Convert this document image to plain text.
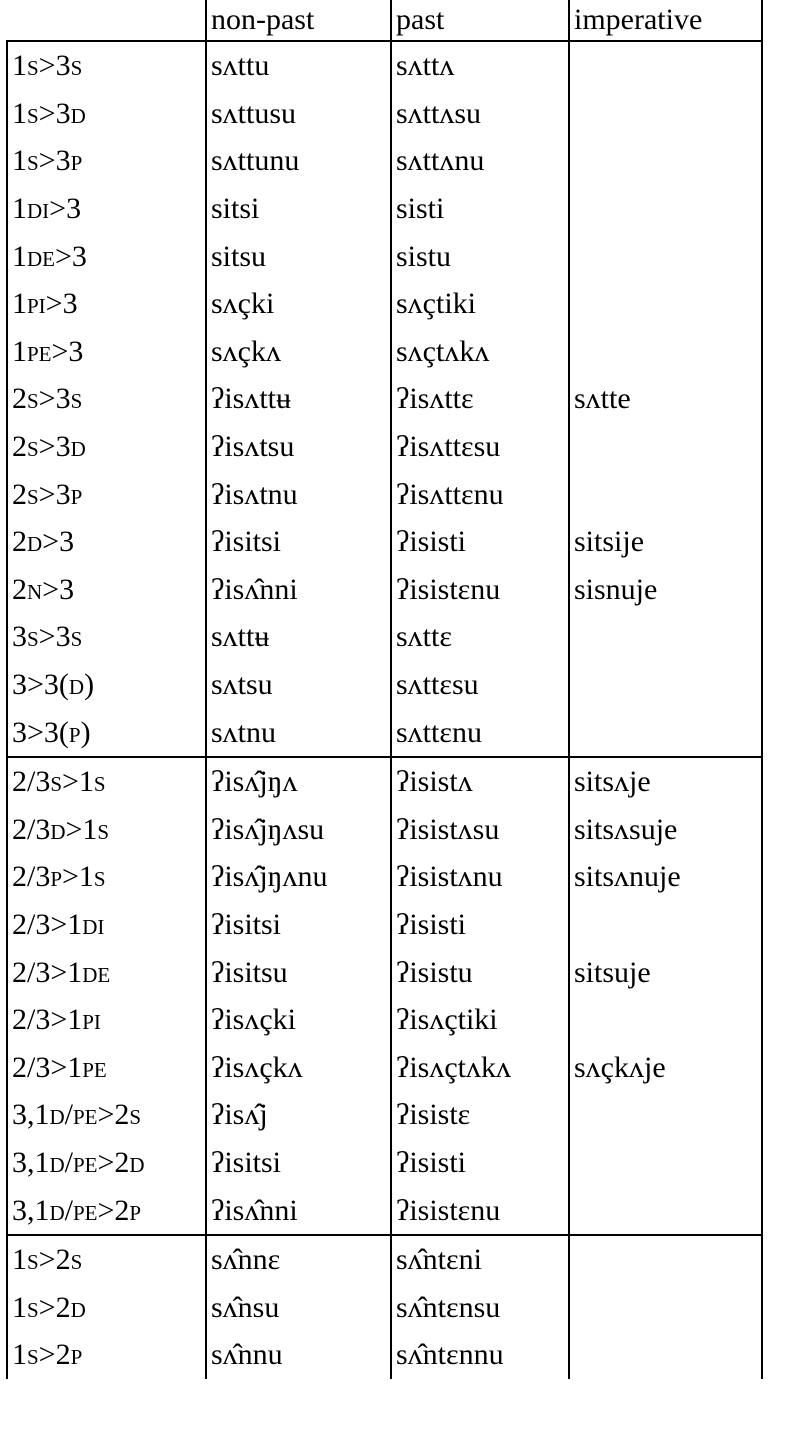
	non-past	past	imperative
1s>3s	sʌttu	sʌttʌ	
1s>3d	sʌttusu	sʌttʌsu	
1s>3p	sʌttunu	sʌttʌnu	
1di>3	sitsi	sisti	
1de>3	sitsu	sistu	
1pi>3	sʌçki	sʌçtiki	
1pe>3	sʌçkʌ	sʌçtʌkʌ	
2s>3s	ʔisʌttʉ	ʔisʌttɛ	sʌtte
2s>3d	ʔisʌtsu	ʔisʌttɛsu	
2s>3p	ʔisʌtnu	ʔisʌttɛnu	
2d>3	ʔisitsi	ʔisisti	sitsije
2n>3	ʔisʌ̂nni	ʔisistɛnu	sisnuje
3s>3s	sʌttʉ	sʌttɛ	
3>3(d)	sʌtsu	sʌttɛsu	
3>3(p)	sʌtnu	sʌttɛnu	
2/3s>1s	ʔisʌ̂jŋʌ	ʔisistʌ	sitsʌje
2/3d>1s	ʔisʌ̂jŋʌsu	ʔisistʌsu	sitsʌsuje
2/3p>1s	ʔisʌ̂jŋʌnu	ʔisistʌnu	sitsʌnuje
2/3>1di	ʔisitsi	ʔisisti	
2/3>1de	ʔisitsu	ʔisistu	sitsuje
2/3>1pi	ʔisʌçki	ʔisʌçtiki	
2/3>1pe	ʔisʌçkʌ	ʔisʌçtʌkʌ	sʌçkʌje
3,1d/pe>2s	ʔisʌ̂j	ʔisistɛ	
3,1d/pe>2d	ʔisitsi	ʔisisti	
3,1d/pe>2p	ʔisʌ̂nni	ʔisistɛnu	
1s>2s	sʌ̂nnɛ	sʌ̂ntɛni	
1s>2d	sʌ̂nsu	sʌ̂ntɛnsu	
1s>2p	sʌ̂nnu	sʌ̂ntɛnnu	
